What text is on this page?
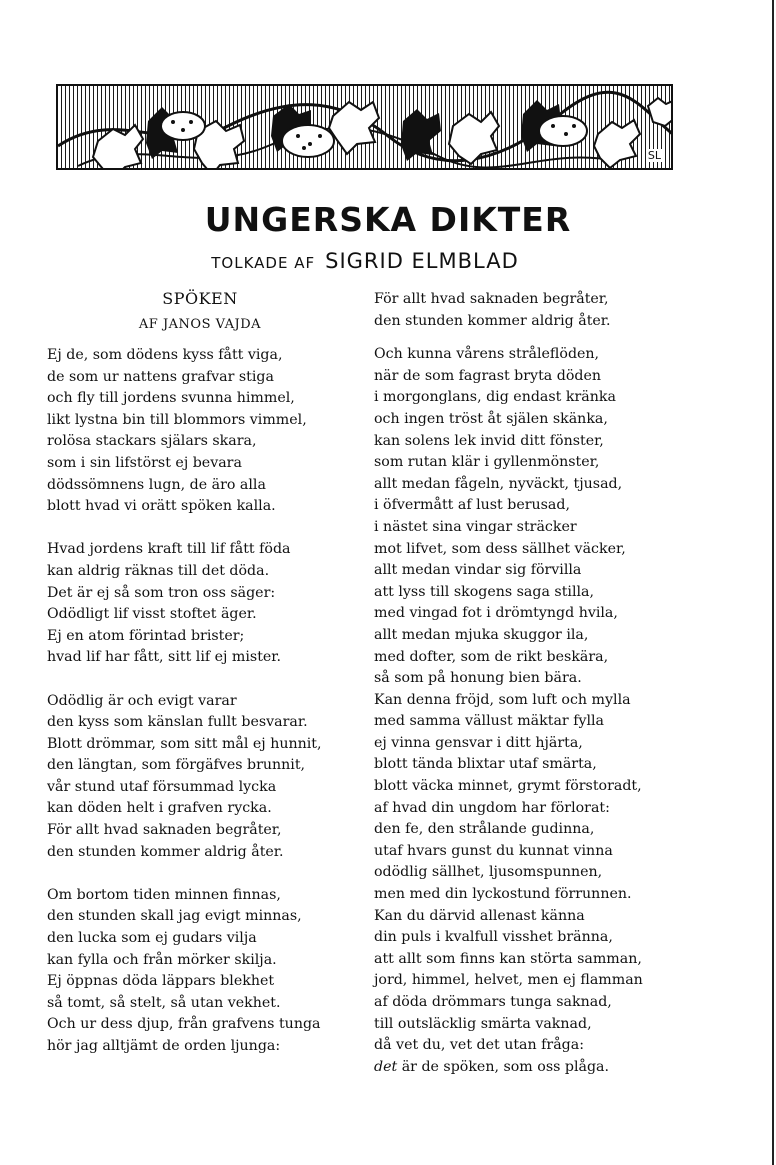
SL
UNGERSKA DIKTER
TOLKADE AF SIGRID ELMBLAD
SPÖKEN
AF JANOS VAJDA
Ej de, som dödens kyss fått viga,
de som ur nattens grafvar stiga
och fly till jordens svunna himmel,
likt lystna bin till blommors vimmel,
rolösa stackars själars skara,
som i sin lifstörst ej bevara
dödssömnens lugn, de äro alla
blott hvad vi orätt spöken kalla.
Hvad jordens kraft till lif fått föda
kan aldrig räknas till det döda.
Det är ej så som tron oss säger:
Odödligt lif visst stoftet äger.
Ej en atom förintad brister;
hvad lif har fått, sitt lif ej mister.
Odödlig är och evigt varar
den kyss som känslan fullt besvarar.
Blott drömmar, som sitt mål ej hunnit,
den längtan, som förgäfves brunnit,
vår stund utaf försummad lycka
kan döden helt i grafven rycka.
För allt hvad saknaden begråter,
den stunden kommer aldrig åter.
Om bortom tiden minnen finnas,
den stunden skall jag evigt minnas,
den lucka som ej gudars vilja
kan fylla och från mörker skilja.
Ej öppnas döda läppars blekhet
så tomt, så stelt, så utan vekhet.
Och ur dess djup, från grafvens tunga
hör jag alltjämt de orden ljunga:
För allt hvad saknaden begråter,
den stunden kommer aldrig åter.
Och kunna vårens stråleflöden,
när de som fagrast bryta döden
i morgonglans, dig endast kränka
och ingen tröst åt själen skänka,
kan solens lek invid ditt fönster,
som rutan klär i gyllenmönster,
allt medan fågeln, nyväckt, tjusad,
i öfvermått af lust berusad,
i nästet sina vingar sträcker
mot lifvet, som dess sällhet väcker,
allt medan vindar sig förvilla
att lyss till skogens saga stilla,
med vingad fot i drömtyngd hvila,
allt medan mjuka skuggor ila,
med dofter, som de rikt beskära,
så som på honung bien bära.
Kan denna fröjd, som luft och mylla
med samma vällust mäktar fylla
ej vinna gensvar i ditt hjärta,
blott tända blixtar utaf smärta,
blott väcka minnet, grymt förstoradt,
af hvad din ungdom har förlorat:
den fe, den strålande gudinna,
utaf hvars gunst du kunnat vinna
odödlig sällhet, ljusomspunnen,
men med din lyckostund förrunnen.
Kan du därvid allenast känna
din puls i kvalfull visshet bränna,
att allt som finns kan störta samman,
jord, himmel, helvet, men ej flamman
af döda drömmars tunga saknad,
till outsläcklig smärta vaknad,
då vet du, vet det utan fråga:
det är de spöken, som oss plåga.
